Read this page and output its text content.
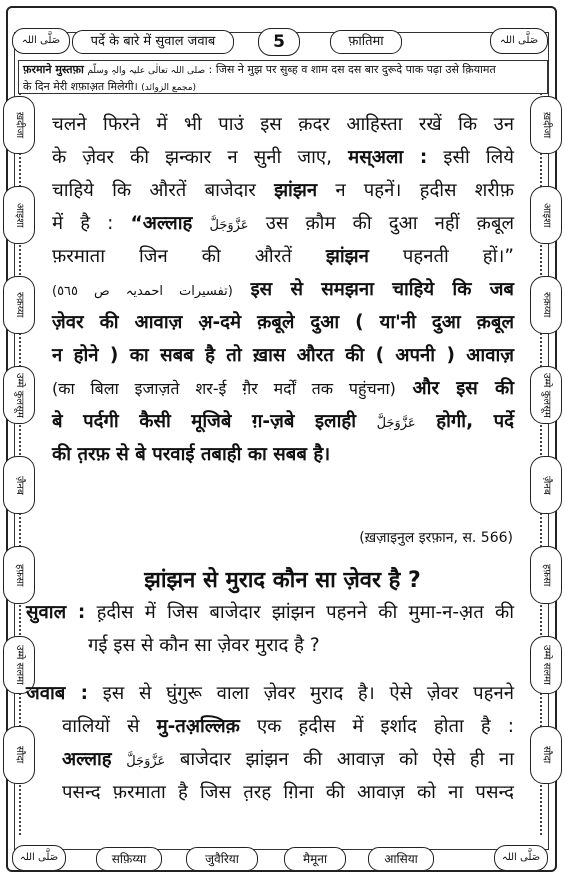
صَلَّى اللہ	पर्दे के बारे में सुवाल जवाब	5	फ़ातिमा	صَلَّى اللہ
फ़रमाने मुस्तफ़ा صلی اللہ تعالٰی علیہ والہٖ وسلّم : जिस ने मुझ पर सुब्ह व शाम दस दस बार दुरूदे पाक पढ़ा उसे क़ियामत
के दिन मेरी शफ़ाअ़त मिलेगी। (مجمع الزوائد)
ख़दीजा
आइशा
रुक़य्या
उम्मे कुलसूम
ज़ैनब
हफ़सा
उम्मे सलमा
सौदा
ख़दीजा
आइशा
रुक़य्या
उम्मे कुलसूम
ज़ैनब
हफ़सा
उम्मे सलमा
सौदा
चलने फिरने में भी पाउं इस क़दर आहिस्ता रखें कि उन
के ज़ेवर की झन्कार न सुनी जाए, मस्अला : इसी लिये
चाहिये कि औरतें बाजेदार झांझन न पहनें। ह़दीस शरीफ़
में है : “अल्लाह عَزَّوَجَلَّ उस क़ौम की दुआ नहीं क़बूल
फ़रमाता जिन की औरतें झांझन पहनती हों।”
(تفسیرات احمدیہ ص ٥٦٥) इस से समझना चाहिये कि जब
ज़ेवर की आवाज़ अ़-दमे क़बूले दुआ ( या'नी दुआ क़बूल
न होने ) का सबब है तो ख़ास औरत की ( अपनी ) आवाज़
(का बिला इजाज़ते शर-ई ग़ैर मर्दों तक पहुंचना) और इस की
बे पर्दगी कैसी मूजिबे ग़-ज़बे इलाही عَزَّوَجَلَّ होगी, पर्दे
की त़रफ़ से बे परवाई तबाही का सबब है।
(ख़ज़ाइनुल इरफ़ान, स. 566)
झांझन से मुराद कौन सा ज़ेवर है ?
सुवाल : ह़दीस में जिस बाजेदार झांझन पहनने की मुमा-न-अ़त की
गई इस से कौन सा ज़ेवर मुराद है ?
जवाब : इस से घुंगुरू वाला ज़ेवर मुराद है। ऐसे ज़ेवर पहनने
वालियों से मु-तअ़ल्लिक़ एक ह़दीस में इर्शाद होता है :
अल्लाह عَزَّوَجَلَّ बाजेदार झांझन की आवाज़ को ऐसे ही ना
पसन्द फ़रमाता है जिस त़रह ग़िना की आवाज़ को ना पसन्द
صَلَّى اللہ	सफ़िय्या	जुवैरिया	मैमूना	आसिया	صَلَّى اللہ
